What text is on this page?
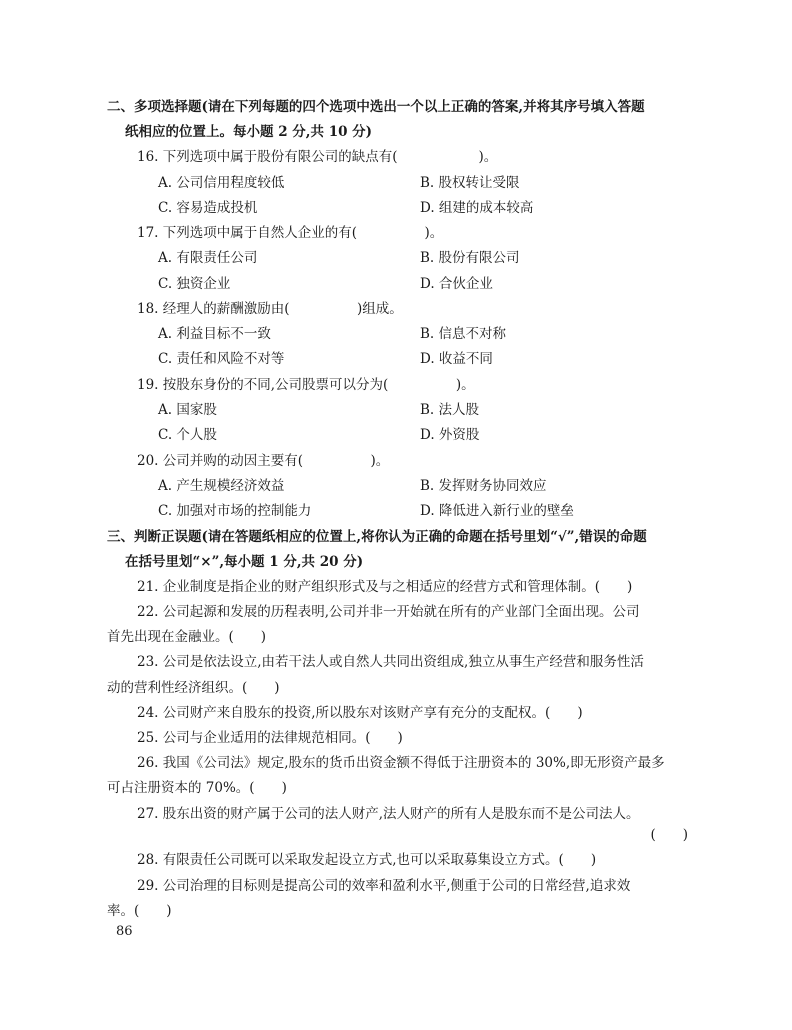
二、多项选择题(请在下列每题的四个选项中选出一个以上正确的答案,并将其序号填入答题
纸相应的位置上。每小题 2 分,共 10 分)
16. 下列选项中属于股份有限公司的缺点有(　　　　　　)。
A. 公司信用程度较低	B. 股权转让受限
C. 容易造成投机	D. 组建的成本较高
17. 下列选项中属于自然人企业的有(　　　　　)。
A. 有限责任公司	B. 股份有限公司
C. 独资企业	D. 合伙企业
18. 经理人的薪酬激励由(　　　　　)组成。
A. 利益目标不一致	B. 信息不对称
C. 责任和风险不对等	D. 收益不同
19. 按股东身份的不同,公司股票可以分为(　　　　　)。
A. 国家股	B. 法人股
C. 个人股	D. 外资股
20. 公司并购的动因主要有(　　　　　)。
A. 产生规模经济效益	B. 发挥财务协同效应
C. 加强对市场的控制能力	D. 降低进入新行业的壁垒
三、判断正误题(请在答题纸相应的位置上,将你认为正确的命题在括号里划“√”,错误的命题
在括号里划“×”,每小题 1 分,共 20 分)
21. 企业制度是指企业的财产组织形式及与之相适应的经营方式和管理体制。(　　)
22. 公司起源和发展的历程表明,公司并非一开始就在所有的产业部门全面出现。公司
首先出现在金融业。(　　)
23. 公司是依法设立,由若干法人或自然人共同出资组成,独立从事生产经营和服务性活
动的营利性经济组织。(　　)
24. 公司财产来自股东的投资,所以股东对该财产享有充分的支配权。(　　)
25. 公司与企业适用的法律规范相同。(　　)
26. 我国《公司法》规定,股东的货币出资金额不得低于注册资本的 30%,即无形资产最多
可占注册资本的 70%。(　　)
27. 股东出资的财产属于公司的法人财产,法人财产的所有人是股东而不是公司法人。
(　　)
28. 有限责任公司既可以采取发起设立方式,也可以采取募集设立方式。(　　)
29. 公司治理的目标则是提高公司的效率和盈利水平,侧重于公司的日常经营,追求效
率。(　　)
86
